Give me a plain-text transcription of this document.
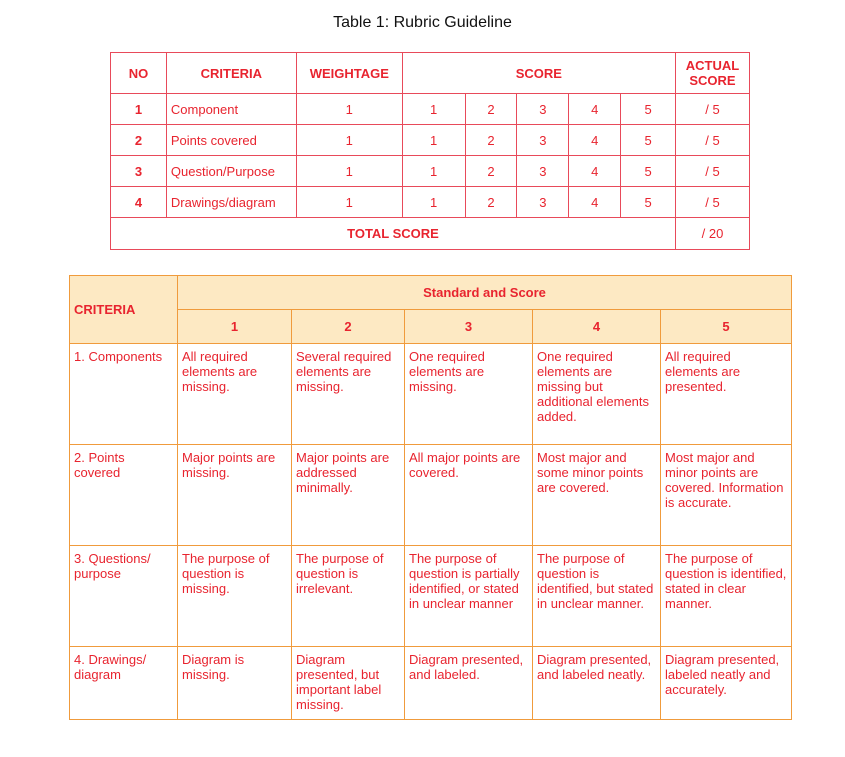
Table 1: Rubric Guideline
NO	CRITERIA	WEIGHTAGE	SCORE					ACTUAL SCORE
1	Component	1	1	2	3	4	5	/ 5
2	Points covered	1	1	2	3	4	5	/ 5
3	Question/Purpose	1	1	2	3	4	5	/ 5
4	Drawings/diagram	1	1	2	3	4	5	/ 5
TOTAL SCORE								/ 20
CRITERIA	Standard and Score				
	1	2	3	4	5
1. Components	All required elements are missing.	Several required elements are missing.	One required elements are missing.	One required elements are missing but additional elements added.	All required elements are presented.
2. Points covered	Major points are missing.	Major points are addressed minimally.	All major points are covered.	Most major and some minor points are covered.	Most major and minor points are covered. Information is accurate.
3. Questions/ purpose	The purpose of question is missing.	The purpose of question is irrelevant.	The purpose of question is partially identified, or stated in unclear manner	The purpose of question is identified, but stated in unclear manner.	The purpose of question is identified, stated in clear manner.
4. Drawings/ diagram	Diagram is missing.	Diagram presented, but important label missing.	Diagram presented, and labeled.	Diagram presented, and labeled neatly.	Diagram presented, labeled neatly and accurately.
